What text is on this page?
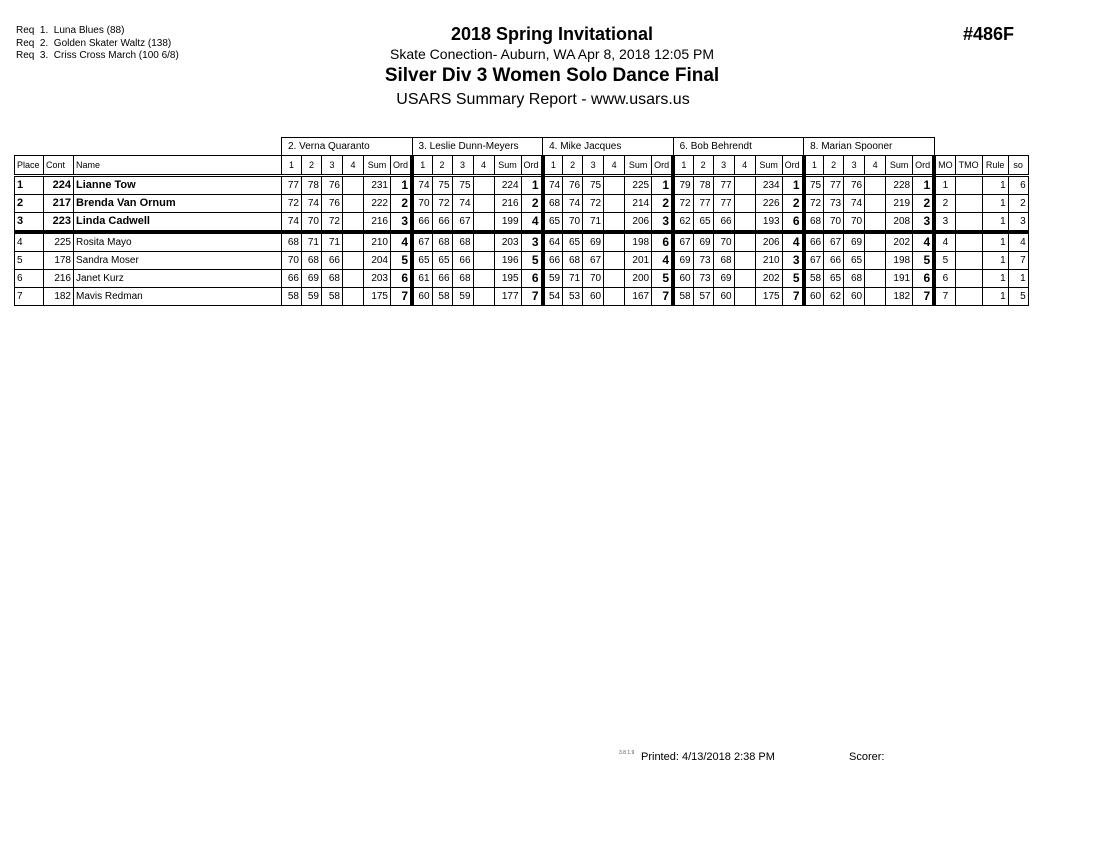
Req  1.  Luna Blues (88)
Req  2.  Golden Skater Waltz (138)
Req  3.  Criss Cross March (100 6/8)
2018 Spring Invitational
Skate Conection- Auburn, WA Apr 8, 2018 12:05 PM
Silver Div 3 Women Solo Dance Final
USARS Summary Report - www.usars.us
#486F
			2. Verna Quaranto						3. Leslie Dunn-Meyers						4. Mike Jacques						6. Bob Behrendt						8. Marian Spooner									
Place	Cont	Name	1	2	3	4	Sum	Ord	1	2	3	4	Sum	Ord	1	2	3	4	Sum	Ord	1	2	3	4	Sum	Ord	1	2	3	4	Sum	Ord	MO	TMO	Rule	so
1	224	Lianne Tow	77	78	76		231	1	74	75	75		224	1	74	76	75		225	1	79	78	77		234	1	75	77	76		228	1	1		1	6
2	217	Brenda Van Ornum	72	74	76		222	2	70	72	74		216	2	68	74	72		214	2	72	77	77		226	2	72	73	74		219	2	2		1	2
3	223	Linda Cadwell	74	70	72		216	3	66	66	67		199	4	65	70	71		206	3	62	65	66		193	6	68	70	70		208	3	3		1	3
4	225	Rosita Mayo	68	71	71		210	4	67	68	68		203	3	64	65	69		198	6	67	69	70		206	4	66	67	69		202	4	4		1	4
5	178	Sandra Moser	70	68	66		204	5	65	65	66		196	5	66	68	67		201	4	69	73	68		210	3	67	66	65		198	5	5		1	7
6	216	Janet Kurz	66	69	68		203	6	61	66	68		195	6	59	71	70		200	5	60	73	69		202	5	58	65	68		191	6	6		1	1
7	182	Mavis Redman	58	59	58		175	7	60	58	59		177	7	54	53	60		167	7	58	57	60		175	7	60	62	60		182	7	7		1	5
3.8.1.9 Printed: 4/13/2018 2:38 PM	Scorer:
